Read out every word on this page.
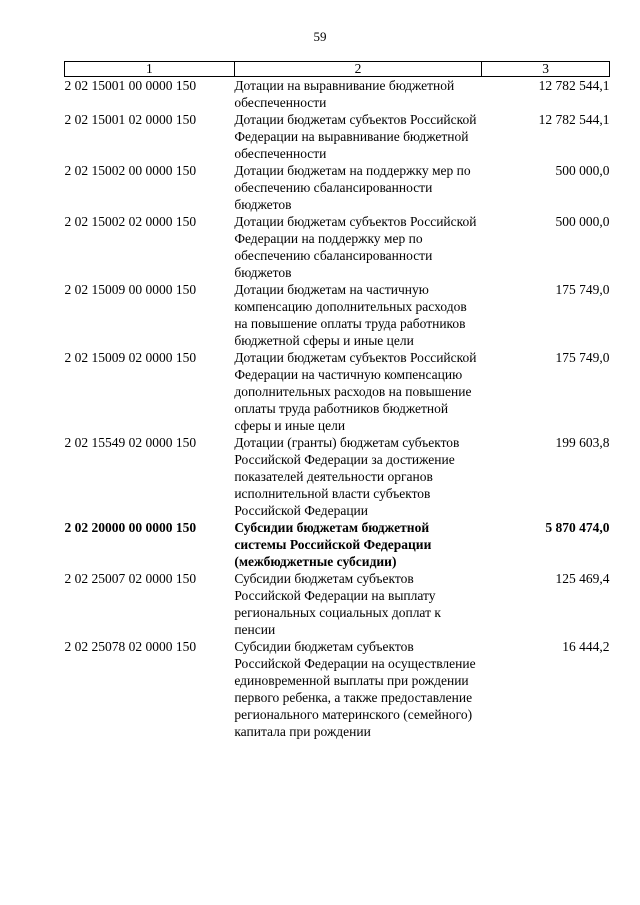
59
1	2	3
2 02 15001 00 0000 150	Дотации на выравнивание бюджетной обеспеченности	12 782 544,1
2 02 15001 02 0000 150	Дотации бюджетам субъектов Российской Федерации на выравнивание бюджетной обеспеченности	12 782 544,1
2 02 15002 00 0000 150	Дотации бюджетам на поддержку мер по обеспечению сбалансированности бюджетов	500 000,0
2 02 15002 02 0000 150	Дотации бюджетам субъектов Российской Федерации на поддержку мер по обеспечению сбалансированности бюджетов	500 000,0
2 02 15009 00 0000 150	Дотации бюджетам на частичную компенсацию дополнительных расходов на повышение оплаты труда работников бюджетной сферы и иные цели	175 749,0
2 02 15009 02 0000 150	Дотации бюджетам субъектов Российской Федерации на частичную компенсацию дополнительных расходов на повышение оплаты труда работников бюджетной сферы и иные цели	175 749,0
2 02 15549 02 0000 150	Дотации (гранты) бюджетам субъектов Российской Федерации за достижение показателей деятельности органов исполнительной власти субъектов Российской Федерации	199 603,8
2 02 20000 00 0000 150	Субсидии бюджетам бюджетной системы Российской Федерации (межбюджетные субсидии)	5 870 474,0
2 02 25007 02 0000 150	Субсидии бюджетам субъектов Российской Федерации на выплату региональных социальных доплат к пенсии	125 469,4
2 02 25078 02 0000 150	Субсидии бюджетам субъектов Российской Федерации на осуществление единовременной выплаты при рождении первого ребенка, а также предоставление регионального материнского (семейного) капитала при рождении	16 444,2
